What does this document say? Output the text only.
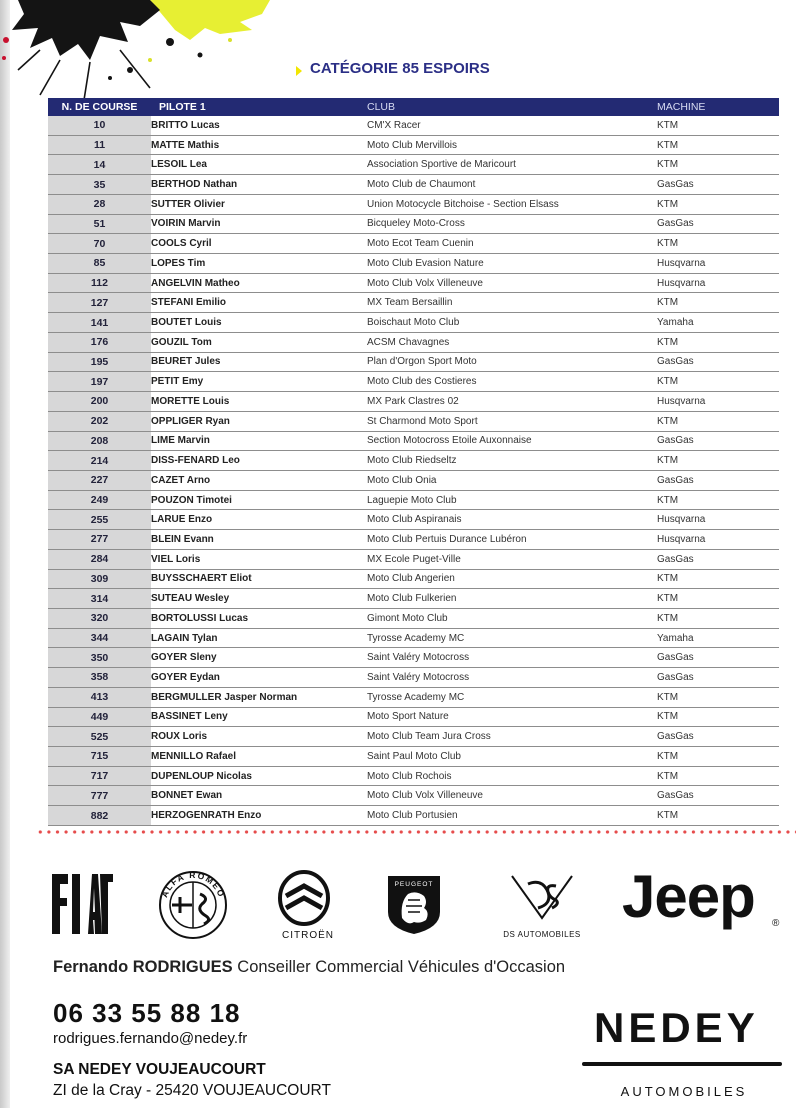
CATÉGORIE 85 ESPOIRS
N. DE COURSE	PILOTE 1	CLUB	MACHINE
10	BRITTO Lucas	CM'X Racer	KTM
11	MATTE Mathis	Moto Club Mervillois	KTM
14	LESOIL Lea	Association Sportive de Maricourt	KTM
35	BERTHOD Nathan	Moto Club de Chaumont	GasGas
28	SUTTER Olivier	Union Motocycle Bitchoise - Section Elsass	KTM
51	VOIRIN Marvin	Bicqueley Moto-Cross	GasGas
70	COOLS Cyril	Moto Ecot Team Cuenin	KTM
85	LOPES Tim	Moto Club Evasion Nature	Husqvarna
112	ANGELVIN Matheo	Moto Club Volx Villeneuve	Husqvarna
127	STEFANI Emilio	MX Team Bersaillin	KTM
141	BOUTET Louis	Boischaut Moto Club	Yamaha
176	GOUZIL Tom	ACSM Chavagnes	KTM
195	BEURET Jules	Plan d'Orgon Sport Moto	GasGas
197	PETIT Emy	Moto Club des Costieres	KTM
200	MORETTE Louis	MX Park Clastres 02	Husqvarna
202	OPPLIGER Ryan	St Charmond Moto Sport	KTM
208	LIME Marvin	Section Motocross Etoile Auxonnaise	GasGas
214	DISS-FENARD Leo	Moto Club Riedseltz	KTM
227	CAZET Arno	Moto Club Onia	GasGas
249	POUZON Timotei	Laguepie Moto Club	KTM
255	LARUE Enzo	Moto Club Aspiranais	Husqvarna
277	BLEIN Evann	Moto Club Pertuis Durance Lubéron	Husqvarna
284	VIEL Loris	MX Ecole Puget-Ville	GasGas
309	BUYSSCHAERT Eliot	Moto Club Angerien	KTM
314	SUTEAU Wesley	Moto Club Fulkerien	KTM
320	BORTOLUSSI Lucas	Gimont Moto Club	KTM
344	LAGAIN Tylan	Tyrosse Academy MC	Yamaha
350	GOYER Sleny	Saint Valéry Motocross	GasGas
358	GOYER Eydan	Saint Valéry Motocross	GasGas
413	BERGMULLER Jasper Norman	Tyrosse Academy MC	KTM
449	BASSINET Leny	Moto Sport Nature	KTM
525	ROUX Loris	Moto Club Team Jura Cross	GasGas
715	MENNILLO Rafael	Saint Paul Moto Club	KTM
717	DUPENLOUP Nicolas	Moto Club Rochois	KTM
777	BONNET Ewan	Moto Club Volx Villeneuve	GasGas
882	HERZOGENRATH Enzo	Moto Club Portusien	KTM
FIAT
ALFA ROMEO
CITROËN
PEUGEOT
DS AUTOMOBILES
Jeep ®
Fernando RODRIGUES Conseiller Commercial Véhicules d'Occasion
06 33 55 88 18
rodrigues.fernando@nedey.fr
SA NEDEY VOUJEAUCOURT
ZI de la Cray - 25420 VOUJEAUCOURT
NEDEY
AUTOMOBILES
